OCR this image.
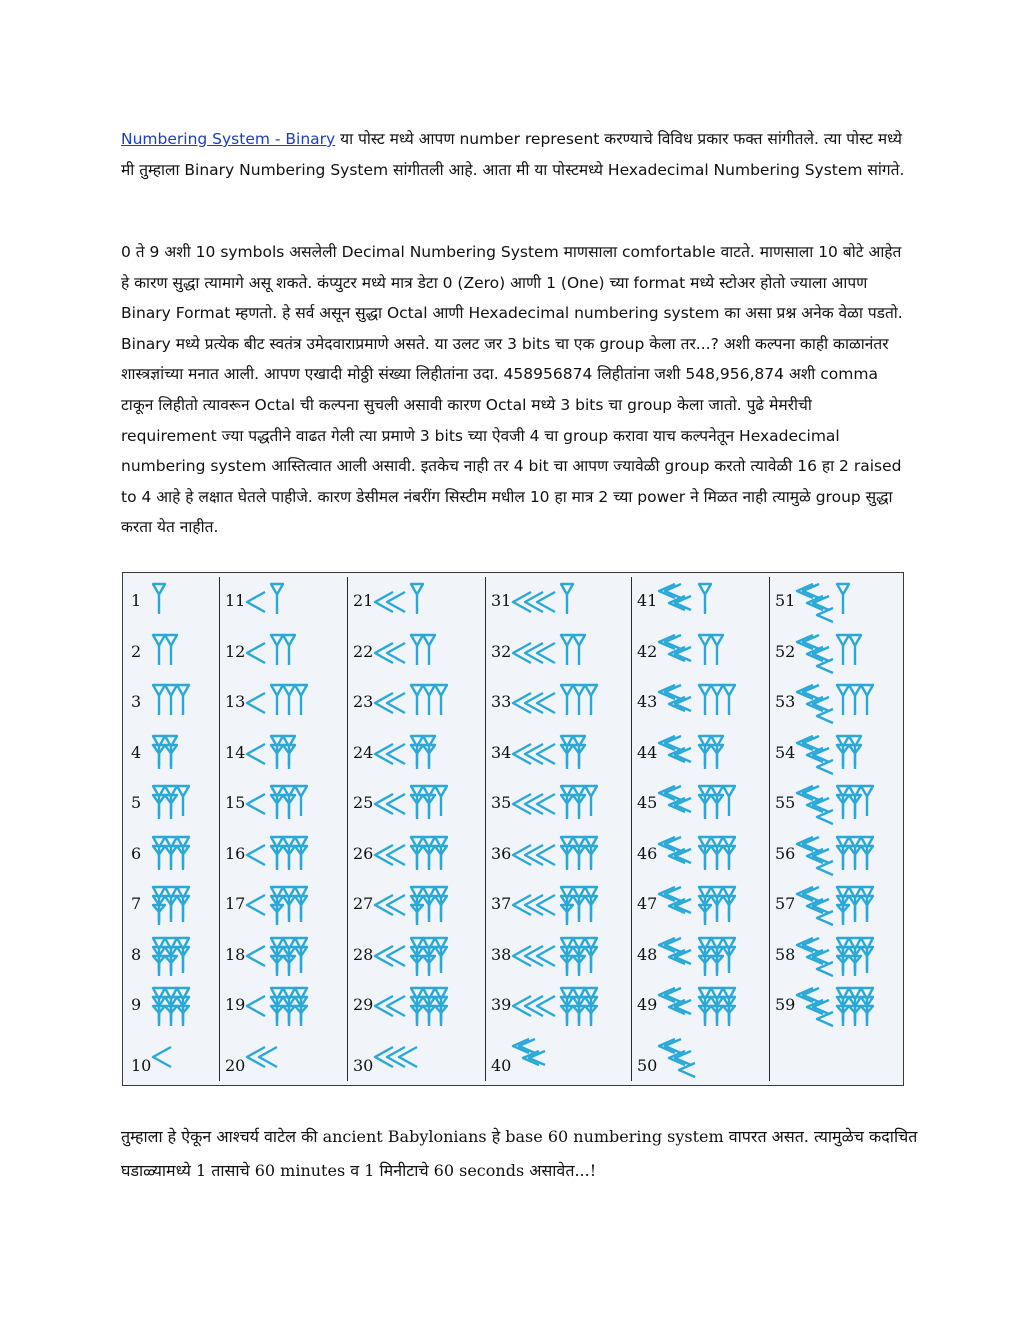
Numbering System - Binary या पोस्ट मध्ये आपण number represent करण्याचे विविध प्रकार फक्त सांगीतले. त्या पोस्ट मध्ये मी तुम्हाला Binary Numbering System सांगीतली आहे. आता मी या पोस्टमध्ये Hexadecimal Numbering System सांगते.

0 ते 9 अशी 10 symbols असलेली Decimal Numbering System माणसाला comfortable वाटते. माणसाला 10 बोटे आहेत हे कारण सुद्धा त्यामागे असू शकते. कंप्युटर मध्ये मात्र डेटा 0 (Zero) आणी 1 (One) च्या format मध्ये स्टोअर होतो ज्याला आपण Binary Format म्हणतो. हे सर्व असून सुद्धा Octal आणी Hexadecimal numbering system का असा प्रश्न अनेक वेळा पडतो. Binary मध्ये प्रत्येक बीट स्वतंत्र उमेदवाराप्रमाणे असते. या उलट जर 3 bits चा एक group केला तर...? अशी कल्पना काही काळानंतर शास्त्रज्ञांच्या मनात आली. आपण एखादी मोठ्ठी संख्या लिहीतांना उदा. 458956874 लिहीतांना जशी 548,956,874 अशी comma टाकून लिहीतो त्यावरून Octal ची कल्पना सुचली असावी कारण Octal मध्ये 3 bits चा group केला जातो. पुढे मेमरीची requirement ज्या पद्धतीने वाढत गेली त्या प्रमाणे 3 bits च्या ऐवजी 4 चा group करावा याच कल्पनेतून Hexadecimal numbering system आस्तित्वात आली असावी. इतकेच नाही तर 4 bit चा आपण ज्यावेळी group करतो त्यावेळी 16 हा 2 raised to 4 आहे हे लक्षात घेतले पाहीजे. कारण डेसीमल नंबरींग सिस्टीम मधील 10 हा मात्र 2 च्या power ने मिळत नाही त्यामुळे group सुद्धा करता येत नाहीत.

1
2
3
4
5
6
7
8
9
10
11
12
13
14
15
16
17
18
19
20
21
22
23
24
25
26
27
28
29
30
31
32
33
34
35
36
37
38
39
40
41
42
43
44
45
46
47
48
49
50
51
52
53
54
55
56
57
58
59

तुम्हाला हे ऐकून आश्चर्य वाटेल की ancient Babylonians हे base 60 numbering system वापरत असत. त्यामुळेच कदाचित घडाळ्यामध्ये 1 तासाचे 60 minutes व 1 मिनीटाचे 60 seconds असावेत...!
